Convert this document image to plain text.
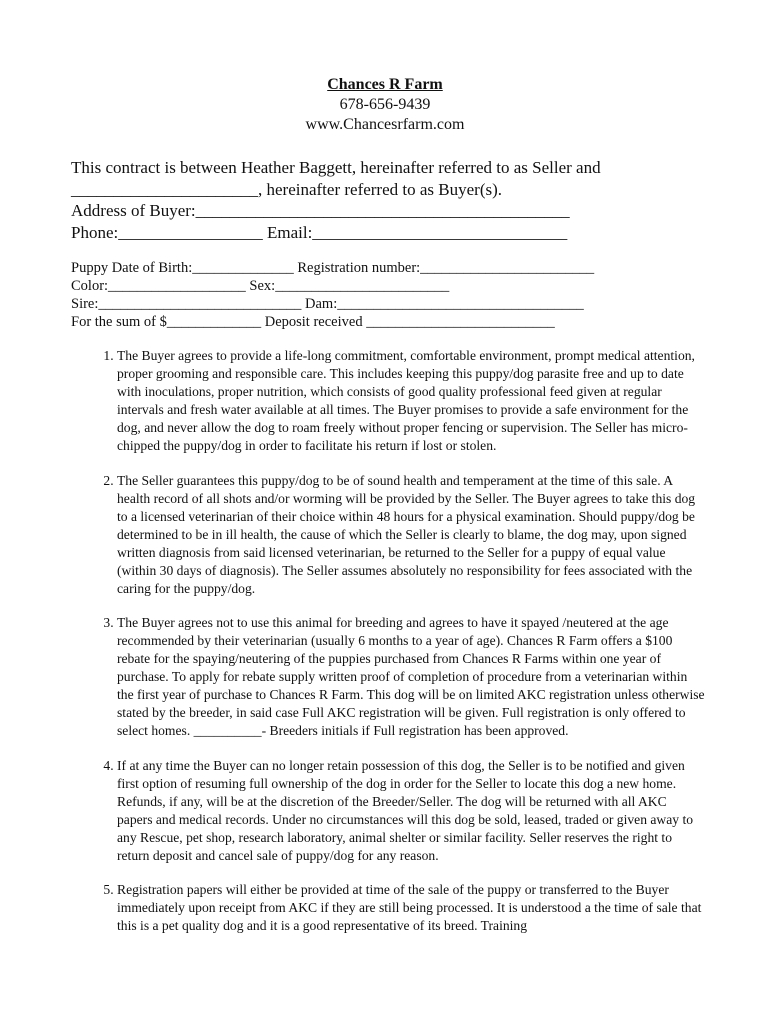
Chances R Farm
678-656-9439
www.Chancesrfarm.com
This contract is between Heather Baggett, hereinafter referred to as Seller and
______________________, hereinafter referred to as Buyer(s).
Address of Buyer:____________________________________________
Phone:_________________ Email:______________________________
Puppy Date of Birth:______________ Registration number:________________________
Color:___________________ Sex:________________________
Sire:____________________________ Dam:__________________________________
For the sum of $_____________ Deposit received __________________________
1. The Buyer agrees to provide a life-long commitment, comfortable environment, prompt medical attention, proper grooming and responsible care. This includes keeping this puppy/dog parasite free and up to date with inoculations, proper nutrition, which consists of good quality professional feed given at regular intervals and fresh water available at all times. The Buyer promises to provide a safe environment for the dog, and never allow the dog to roam freely without proper fencing or supervision. The Seller has micro-chipped the puppy/dog in order to facilitate his return if lost or stolen.
2. The Seller guarantees this puppy/dog to be of sound health and temperament at the time of this sale. A health record of all shots and/or worming will be provided by the Seller. The Buyer agrees to take this dog to a licensed veterinarian of their choice within 48 hours for a physical examination. Should puppy/dog be determined to be in ill health, the cause of which the Seller is clearly to blame, the dog may, upon signed written diagnosis from said licensed veterinarian, be returned to the Seller for a puppy of equal value (within 30 days of diagnosis). The Seller assumes absolutely no responsibility for fees associated with the caring for the puppy/dog.
3. The Buyer agrees not to use this animal for breeding and agrees to have it spayed /neutered at the age recommended by their veterinarian (usually 6 months to a year of age). Chances R Farm offers a $100 rebate for the spaying/neutering of the puppies purchased from Chances R Farms within one year of purchase. To apply for rebate supply written proof of completion of procedure from a veterinarian within the first year of purchase to Chances R Farm. This dog will be on limited AKC registration unless otherwise stated by the breeder, in said case Full AKC registration will be given. Full registration is only offered to select homes. __________- Breeders initials if Full registration has been approved.
4. If at any time the Buyer can no longer retain possession of this dog, the Seller is to be notified and given first option of resuming full ownership of the dog in order for the Seller to locate this dog a new home. Refunds, if any, will be at the discretion of the Breeder/Seller. The dog will be returned with all AKC papers and medical records. Under no circumstances will this dog be sold, leased, traded or given away to any Rescue, pet shop, research laboratory, animal shelter or similar facility. Seller reserves the right to return deposit and cancel sale of puppy/dog for any reason.
5. Registration papers will either be provided at time of the sale of the puppy or transferred to the Buyer immediately upon receipt from AKC if they are still being processed. It is understood a the time of sale that this is a pet quality dog and it is a good representative of its breed. Training
